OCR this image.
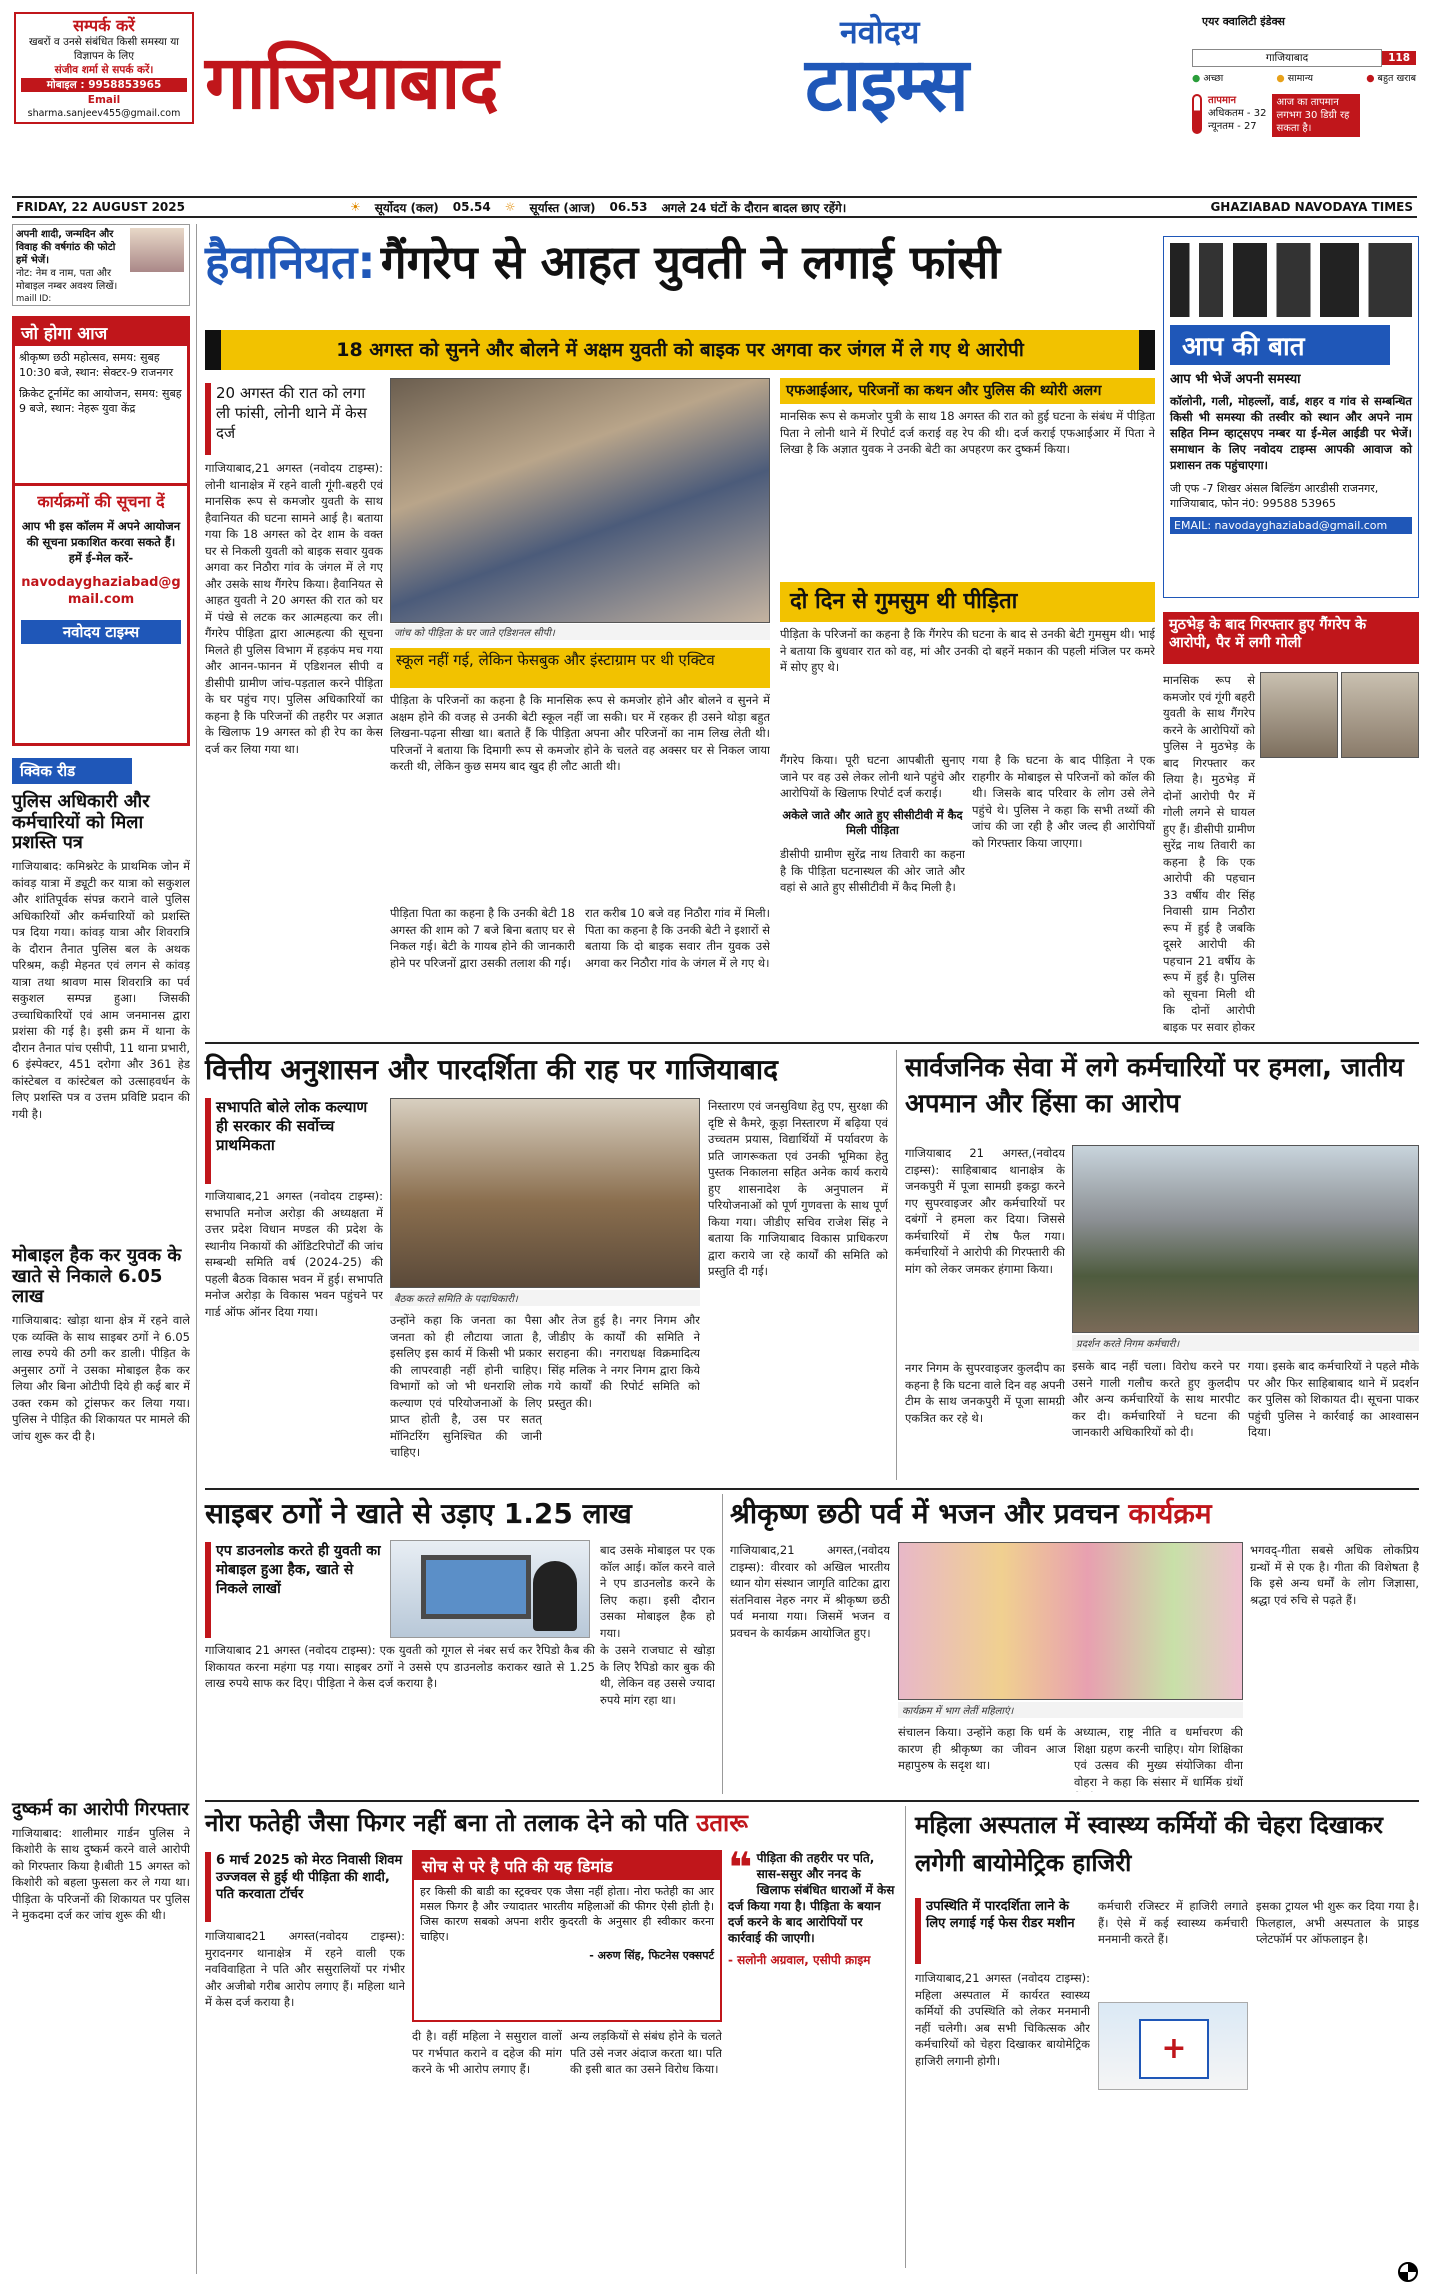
सम्पर्क करें
खबरों व उनसे संबंधित किसी समस्या या विज्ञापन के लिए
संजीव शर्मा से सपर्क करें।
मोबाइल : 9958853965
Email
sharma.sanjeev455@gmail.com गाजियाबाद
नवोदय
टाइम्स
एयर क्वालिटी इंडेक्स
गाजियाबाद	118
● अच्छा	● सामान्य	● बहुत खराब
तापमान
अधिकतम - 32
न्यूनतम - 27
आज का तापमान लगभग 30 डिग्री रह सकता है।
FRIDAY, 22 AUGUST 2025	☀ सूर्योदय (कल) 05.54 ☼ सूर्यास्त (आज) 06.53 अगले 24 घंटों के दौरान बादल छाए रहेंगे।	GHAZIABAD NAVODAYA TIMES
अपनी शादी, जन्मदिन और विवाह की वर्षगांठ की फोटो हमें भेजें।
नोट: नेम व नाम, पता और मोबाइल नम्बर अवश्य लिखें।
maill ID:
जो होगा आज
श्रीकृष्ण छठी महोत्सव, समय: सुबह 10:30 बजे, स्थान: सेक्टर-9 राजनगर
क्रिकेट टूर्नामेंट का आयोजन, समय: सुबह 9 बजे, स्थान: नेहरू युवा केंद्र
कार्यक्रमों की सूचना दें
आप भी इस कॉलम में अपने आयोजन की सूचना प्रकाशित करवा सकते हैं।हमें ई-मेल करें-
navodayghaziabad@gmail.com
नवोदय टाइम्स
क्विक रीड
पुलिस अधिकारी और कर्मचारियों को मिला प्रशस्ति पत्र
गाजियाबाद: कमिश्नरेट के प्राथमिक जोन में कांवड़ यात्रा में ड्यूटी कर यात्रा को सकुशल और शांतिपूर्वक संपन्न कराने वाले पुलिस अधिकारियों और कर्मचारियों को प्रशस्ति पत्र दिया गया। कांवड़ यात्रा और शिवरात्रि के दौरान तैनात पुलिस बल के अथक परिश्रम, कड़ी मेहनत एवं लगन से कांवड़ यात्रा तथा श्रावण मास शिवरात्रि का पर्व सकुशल सम्पन्न हुआ। जिसकी उच्चाधिकारियों एवं आम जनमानस द्वारा प्रशंसा की गई है। इसी क्रम में थाना के दौरान तैनात पांच एसीपी, 11 थाना प्रभारी, 6 इंस्पेक्टर, 451 दरोगा और 361 हेड कांस्टेबल व कांस्टेबल को उत्साहवर्धन के लिए प्रशस्ति पत्र व उत्तम प्रविष्टि प्रदान की गयी है।
मोबाइल हैक कर युवक के खाते से निकाले 6.05 लाख
गाजियाबाद: खोड़ा थाना क्षेत्र में रहने वाले एक व्यक्ति के साथ साइबर ठगों ने 6.05 लाख रुपये की ठगी कर डाली। पीड़ित के अनुसार ठगों ने उसका मोबाइल हैक कर लिया और बिना ओटीपी दिये ही कई बार में उक्त रकम को ट्रांसफर कर लिया गया। पुलिस ने पीड़ित की शिकायत पर मामले की जांच शुरू कर दी है।
दुष्कर्म का आरोपी गिरफ्तार
गाजियाबाद: शालीमार गार्डन पुलिस ने किशोरी के साथ दुष्कर्म करने वाले आरोपी को गिरफ्तार किया है।बीती 15 अगस्त को किशोरी को बहला फुसला कर ले गया था। पीड़िता के परिजनों की शिकायत पर पुलिस ने मुकदमा दर्ज कर जांच शुरू की थी।
हैवानियत: गैंगरेप से आहत युवती ने लगाई फांसी
18 अगस्त को सुनने और बोलने में अक्षम युवती को बाइक पर अगवा कर जंगल में ले गए थे आरोपी
20 अगस्त की रात को लगा ली फांसी, लोनी थाने में केस दर्ज
गाजियाबाद,21 अगस्त (नवोदय टाइम्स): लोनी थानाक्षेत्र में रहने वाली गूंगी-बहरी एवं मानसिक रूप से कमजोर युवती के साथ हैवानियत की घटना सामने आई है। बताया गया कि 18 अगस्त को देर शाम के वक्त घर से निकली युवती को बाइक सवार युवक अगवा कर निठौरा गांव के जंगल में ले गए और उसके साथ गैंगरेप किया। हैवानियत से आहत युवती ने 20 अगस्त की रात को घर में पंखे से लटक कर आत्महत्या कर ली। गैंगरेप पीड़िता द्वारा आत्महत्या की सूचना मिलते ही पुलिस विभाग में हड़कंप मच गया और आनन-फानन में एडिशनल सीपी व डीसीपी ग्रामीण जांच-पड़ताल करने पीड़िता के घर पहुंच गए। पुलिस अधिकारियों का कहना है कि परिजनों की तहरीर पर अज्ञात के खिलाफ 19 अगस्त को ही रेप का केस दर्ज कर लिया गया था।
जांच को पीड़िता के घर जाते एडिशनल सीपी।
स्कूल नहीं गई, लेकिन फेसबुक और इंस्टाग्राम पर थी एक्टिव
पीड़िता के परिजनों का कहना है कि मानसिक रूप से कमजोर होने और बोलने व सुनने में अक्षम होने की वजह से उनकी बेटी स्कूल नहीं जा सकी। घर में रहकर ही उसने थोड़ा बहुत लिखना-पढ़ना सीखा था। बताते हैं कि पीड़िता अपना और परिजनों का नाम लिख लेती थी। परिजनों ने बताया कि दिमागी रूप से कमजोर होने के चलते वह अक्सर घर से निकल जाया करती थी, लेकिन कुछ समय बाद खुद ही लौट आती थी।
पीड़िता पिता का कहना है कि उनकी बेटी 18 अगस्त की शाम को 7 बजे बिना बताए घर से निकल गई। बेटी के गायब होने की जानकारी होने पर परिजनों द्वारा उसकी तलाश की गई।
रात करीब 10 बजे वह निठौरा गांव में मिली।पिता का कहना है कि उनकी बेटी ने इशारों से बताया कि दो बाइक सवार तीन युवक उसे अगवा कर निठौरा गांव के जंगल में ले गए थे।
एफआईआर, परिजनों का कथन और पुलिस की थ्योरी अलग
मानसिक रूप से कमजोर पुत्री के साथ 18 अगस्त की रात को हुई घटना के संबंध में पीड़िता पिता ने लोनी थाने में रिपोर्ट दर्ज कराई वह रेप की थी। दर्ज कराई एफआईआर में पिता ने लिखा है कि अज्ञात युवक ने उनकी बेटी का अपहरण कर दुष्कर्म किया।
दो दिन से गुमसुम थी पीड़िता
पीड़िता के परिजनों का कहना है कि गैंगरेप की घटना के बाद से उनकी बेटी गुमसुम थी। भाई ने बताया कि बुधवार रात को वह, मां और उनकी दो बहनें मकान की पहली मंजिल पर कमरे में सोए हुए थे।
गैंगरेप किया। पूरी घटना आपबीती सुनाए जाने पर वह उसे लेकर लोनी थाने पहुंचे और आरोपियों के खिलाफ रिपोर्ट दर्ज कराई।
अकेले जाते और आते हुए सीसीटीवी में कैद मिली पीड़िता
डीसीपी ग्रामीण सुरेंद्र नाथ तिवारी का कहना है कि पीड़िता घटनास्थल की ओर जाते और वहां से आते हुए सीसीटीवी में कैद मिली है।
गया है कि घटना के बाद पीड़िता ने एक राहगीर के मोबाइल से परिजनों को कॉल की थी। जिसके बाद परिवार के लोग उसे लेने पहुंचे थे। पुलिस ने कहा कि सभी तथ्यों की जांच की जा रही है और जल्द ही आरोपियों को गिरफ्तार किया जाएगा।
आप की बात
आप भी भेजें अपनी समस्या
कॉलोनी, गली, मोहल्लों, वार्ड, शहर व गांव से सम्बन्धित किसी भी समस्या की तस्वीर को स्थान और अपने नाम सहित निम्न व्हाट्सएप नम्बर या ई-मेल आईडी पर भेजें। समाधान के लिए नवोदय टाइम्स आपकी आवाज को प्रशासन तक पहुंचाएगा।
जी एफ -7 शिखर अंसल बिल्डिंग आरडीसी राजनगर, गाजियाबाद, फोन नं0: 99588 53965
EMAIL: navodayghaziabad@gmail.com
मुठभेड़ के बाद गिरफ्तार हुए गैंगरेप के आरोपी, पैर में लगी गोली
मानसिक रूप से कमजोर एवं गूंगी बहरी युवती के साथ गैंगरेप करने के आरोपियों को पुलिस ने मुठभेड़ के बाद गिरफ्तार कर लिया है। मुठभेड़ में दोनों आरोपी पैर में गोली लगने से घायल हुए हैं। डीसीपी ग्रामीण सुरेंद्र नाथ तिवारी का कहना है कि एक आरोपी की पहचान 33 वर्षीय वीर सिंह निवासी ग्राम निठौरा रूप में हुई है जबकि दूसरे आरोपी की पहचान 21 वर्षीय के रूप में हुई है। पुलिस को सूचना मिली थी कि दोनों आरोपी बाइक पर सवार होकर
वित्तीय अनुशासन और पारदर्शिता की राह पर गाजियाबाद
सभापति बोले लोक कल्याण ही सरकार की सर्वोच्च प्राथमिकता
गाजियाबाद,21 अगस्त (नवोदय टाइम्स): सभापति मनोज अरोड़ा की अध्यक्षता में उत्तर प्रदेश विधान मण्डल की प्रदेश के स्थानीय निकायों की ऑडिटरिपोर्टों की जांच सम्बन्धी समिति वर्ष (2024-25) की पहली बैठक विकास भवन में हुई। सभापति मनोज अरोड़ा के विकास भवन पहुंचने पर गार्ड ऑफ ऑनर दिया गया।
बैठक करते समिति के पदाधिकारी।
उन्होंने कहा कि जनता का पैसा जनता को ही लौटाया जाता है, इसलिए इस कार्य में किसी भी प्रकार की लापरवाही नहीं होनी चाहिए। विभागों को जो भी धनराशि लोक कल्याण एवं परियोजनाओं के लिए प्राप्त होती है, उस पर सतत् मॉनिटरिंग सुनिश्चित की जानी चाहिए।
और तेज हुई है। नगर निगम और जीडीए के कार्यों की समिति ने सराहना की। नगराधक्ष विक्रमादित्य सिंह मलिक ने नगर निगम द्वारा किये गये कार्यों की रिपोर्ट समिति को प्रस्तुत की।
निस्तारण एवं जनसुविधा हेतु एप, सुरक्षा की दृष्टि से कैमरे, कूड़ा निस्तारण में बढ़िया एवं उच्चतम प्रयास, विद्यार्थियों में पर्यावरण के प्रति जागरूकता एवं उनकी भूमिका हेतु पुस्तक निकालना सहित अनेक कार्य कराये हुए शासनादेश के अनुपालन में परियोजनाओं को पूर्ण गुणवत्ता के साथ पूर्ण किया गया। जीडीए सचिव राजेश सिंह ने बताया कि गाजियाबाद विकास प्राधिकरण द्वारा कराये जा रहे कार्यों की समिति को प्रस्तुति दी गई।
सार्वजनिक सेवा में लगे कर्मचारियों पर हमला, जातीय अपमान और हिंसा का आरोप
गाजियाबाद 21 अगस्त,(नवोदय टाइम्स): साहिबाबाद थानाक्षेत्र के जनकपुरी में पूजा सामग्री इकट्ठा करने गए सुपरवाइजर और कर्मचारियों पर दबंगों ने हमला कर दिया। जिससे कर्मचारियों में रोष फैल गया। कर्मचारियों ने आरोपी की गिरफ्तारी की मांग को लेकर जमकर हंगामा किया।
प्रदर्शन करते निगम कर्मचारी।
नगर निगम के सुपरवाइजर कुलदीप का कहना है कि घटना वाले दिन वह अपनी टीम के साथ जनकपुरी में पूजा सामग्री एकत्रित कर रहे थे।
इसके बाद नहीं चला। विरोध करने पर उसने गाली गलौच करते हुए कुलदीप और अन्य कर्मचारियों के साथ मारपीट कर दी। कर्मचारियों ने घटना की जानकारी अधिकारियों को दी।
गया। इसके बाद कर्मचारियों ने पहले मौके पर और फिर साहिबाबाद थाने में प्रदर्शन कर पुलिस को शिकायत दी। सूचना पाकर पहुंची पुलिस ने कार्रवाई का आश्वासन दिया।
साइबर ठगों ने खाते से उड़ाए 1.25 लाख
एप डाउनलोड करते ही युवती का मोबाइल हुआ हैक, खाते से निकले लाखों
गाजियाबाद 21 अगस्त (नवोदय टाइम्स): एक युवती को गूगल से नंबर सर्च कर रैपिडो कैब की शिकायत करना महंगा पड़ गया। साइबर ठगों ने उससे एप डाउनलोड कराकर खाते से 1.25 लाख रुपये साफ कर दिए। पीड़िता ने केस दर्ज कराया है।
के उसने राजघाट से खोड़ा के लिए रैपिडो कार बुक की थी, लेकिन वह उससे ज्यादा रुपये मांग रहा था।
बाद उसके मोबाइल पर एक कॉल आई। कॉल करने वाले ने एप डाउनलोड करने के लिए कहा। इसी दौरान उसका मोबाइल हैक हो गया।
श्रीकृष्ण छठी पर्व में भजन और प्रवचन कार्यक्रम
गाजियाबाद,21 अगस्त,(नवोदय टाइम्स): वीरवार को अखिल भारतीय ध्यान योग संस्थान जागृति वाटिका द्वारा संतनिवास नेहरु नगर में श्रीकृष्ण छठी पर्व मनाया गया। जिसमें भजन व प्रवचन के कार्यक्रम आयोजित हुए।
कार्यक्रम में भाग लेतीं महिलाएं।
भगवद्-गीता सबसे अधिक लोकप्रिय ग्रन्थों में से एक है। गीता की विशेषता है कि इसे अन्य धर्मों के लोग जिज्ञासा, श्रद्धा एवं रुचि से पढ़ते हैं।
संचालन किया। उन्होंने कहा कि धर्म के कारण ही श्रीकृष्ण का जीवन आज महापुरुष के सदृश था।
अध्यात्म, राष्ट्र नीति व धर्माचरण की शिक्षा ग्रहण करनी चाहिए। योग शिक्षिका एवं उत्सव की मुख्य संयोजिका वीना वोहरा ने कहा कि संसार में धार्मिक ग्रंथों
नोरा फतेही जैसा फिगर नहीं बना तो तलाक देने को पति उतारू
6 मार्च 2025 को मेरठ निवासी शिवम उज्जवल से हुई थी पीड़िता की शादी, पति करवाता टॉर्चर
सोच से परे है पति की यह डिमांड
हर किसी की बाडी का स्ट्रक्चर एक जैसा नहीं होता। नोरा फतेही का आर मसल फिगर है और ज्यादातर भारतीय महिलाओं की फीगर ऐसी होती है। जिस कारण सबको अपना शरीर कुदरती के अनुसार ही स्वीकार करना चाहिए।
- अरुण सिंह, फिटनेस एक्सपर्ट
❝ पीड़िता की तहरीर पर पति, सास-ससुर और ननद के खिलाफ संबंधित धाराओं में केस दर्ज किया गया है। पीड़िता के बयान दर्ज करने के बाद आरोपियों पर कार्रवाई की जाएगी।
- सलोनी अग्रवाल, एसीपी क्राइम
गाजियाबाद21 अगस्त(नवोदय टाइम्स): मुरादनगर थानाक्षेत्र में रहने वाली एक नवविवाहिता ने पति और ससुरालियों पर गंभीर और अजीबो गरीब आरोप लगाए हैं। महिला थाने में केस दर्ज कराया है।
दी है। वहीं महिला ने ससुराल वालों पर गर्भपात कराने व दहेज की मांग करने के भी आरोप लगाए हैं।
अन्य लड़कियों से संबंध होने के चलते पति उसे नजर अंदाज करता था। पति की इसी बात का उसने विरोध किया।
महिला अस्पताल में स्वास्थ्य कर्मियों की चेहरा दिखाकर लगेगी बायोमेट्रिक हाजिरी
उपस्थिति में पारदर्शिता लाने के लिए लगाई गई फेस रीडर मशीन
गाजियाबाद,21 अगस्त (नवोदय टाइम्स): महिला अस्पताल में कार्यरत स्वास्थ्य कर्मियों की उपस्थिति को लेकर मनमानी नहीं चलेगी। अब सभी चिकित्सक और कर्मचारियों को चेहरा दिखाकर बायोमेट्रिक हाजिरी लगानी होगी।
कर्मचारी रजिस्टर में हाजिरी लगाते हैं। ऐसे में कई स्वास्थ्य कर्मचारी मनमानी करते हैं।
+
इसका ट्रायल भी शुरू कर दिया गया है। फिलहाल, अभी अस्पताल के प्राइड प्लेटफॉर्म पर ऑफलाइन है।
